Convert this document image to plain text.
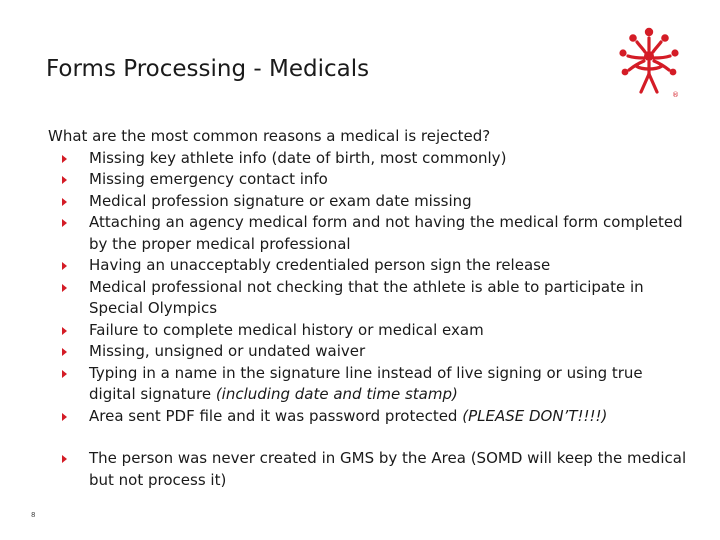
Forms Processing - Medicals
®

What are the most common reasons a medical is rejected?

Missing key athlete info (date of birth, most commonly)
Missing emergency contact info
Medical profession signature or exam date missing
Attaching an agency medical form and not having the medical form completed by the proper medical professional
Having an unacceptably credentialed person sign the release
Medical professional not checking that the athlete is able to participate in Special Olympics
Failure to complete medical history or medical exam
Missing, unsigned or undated waiver
Typing in a name in the signature line instead of live signing or using true digital signature (including date and time stamp)
Area sent PDF file and it was password protected (PLEASE DON’T!!!!)
The person was never created in GMS by the Area (SOMD will keep the medical but not process it)
8
